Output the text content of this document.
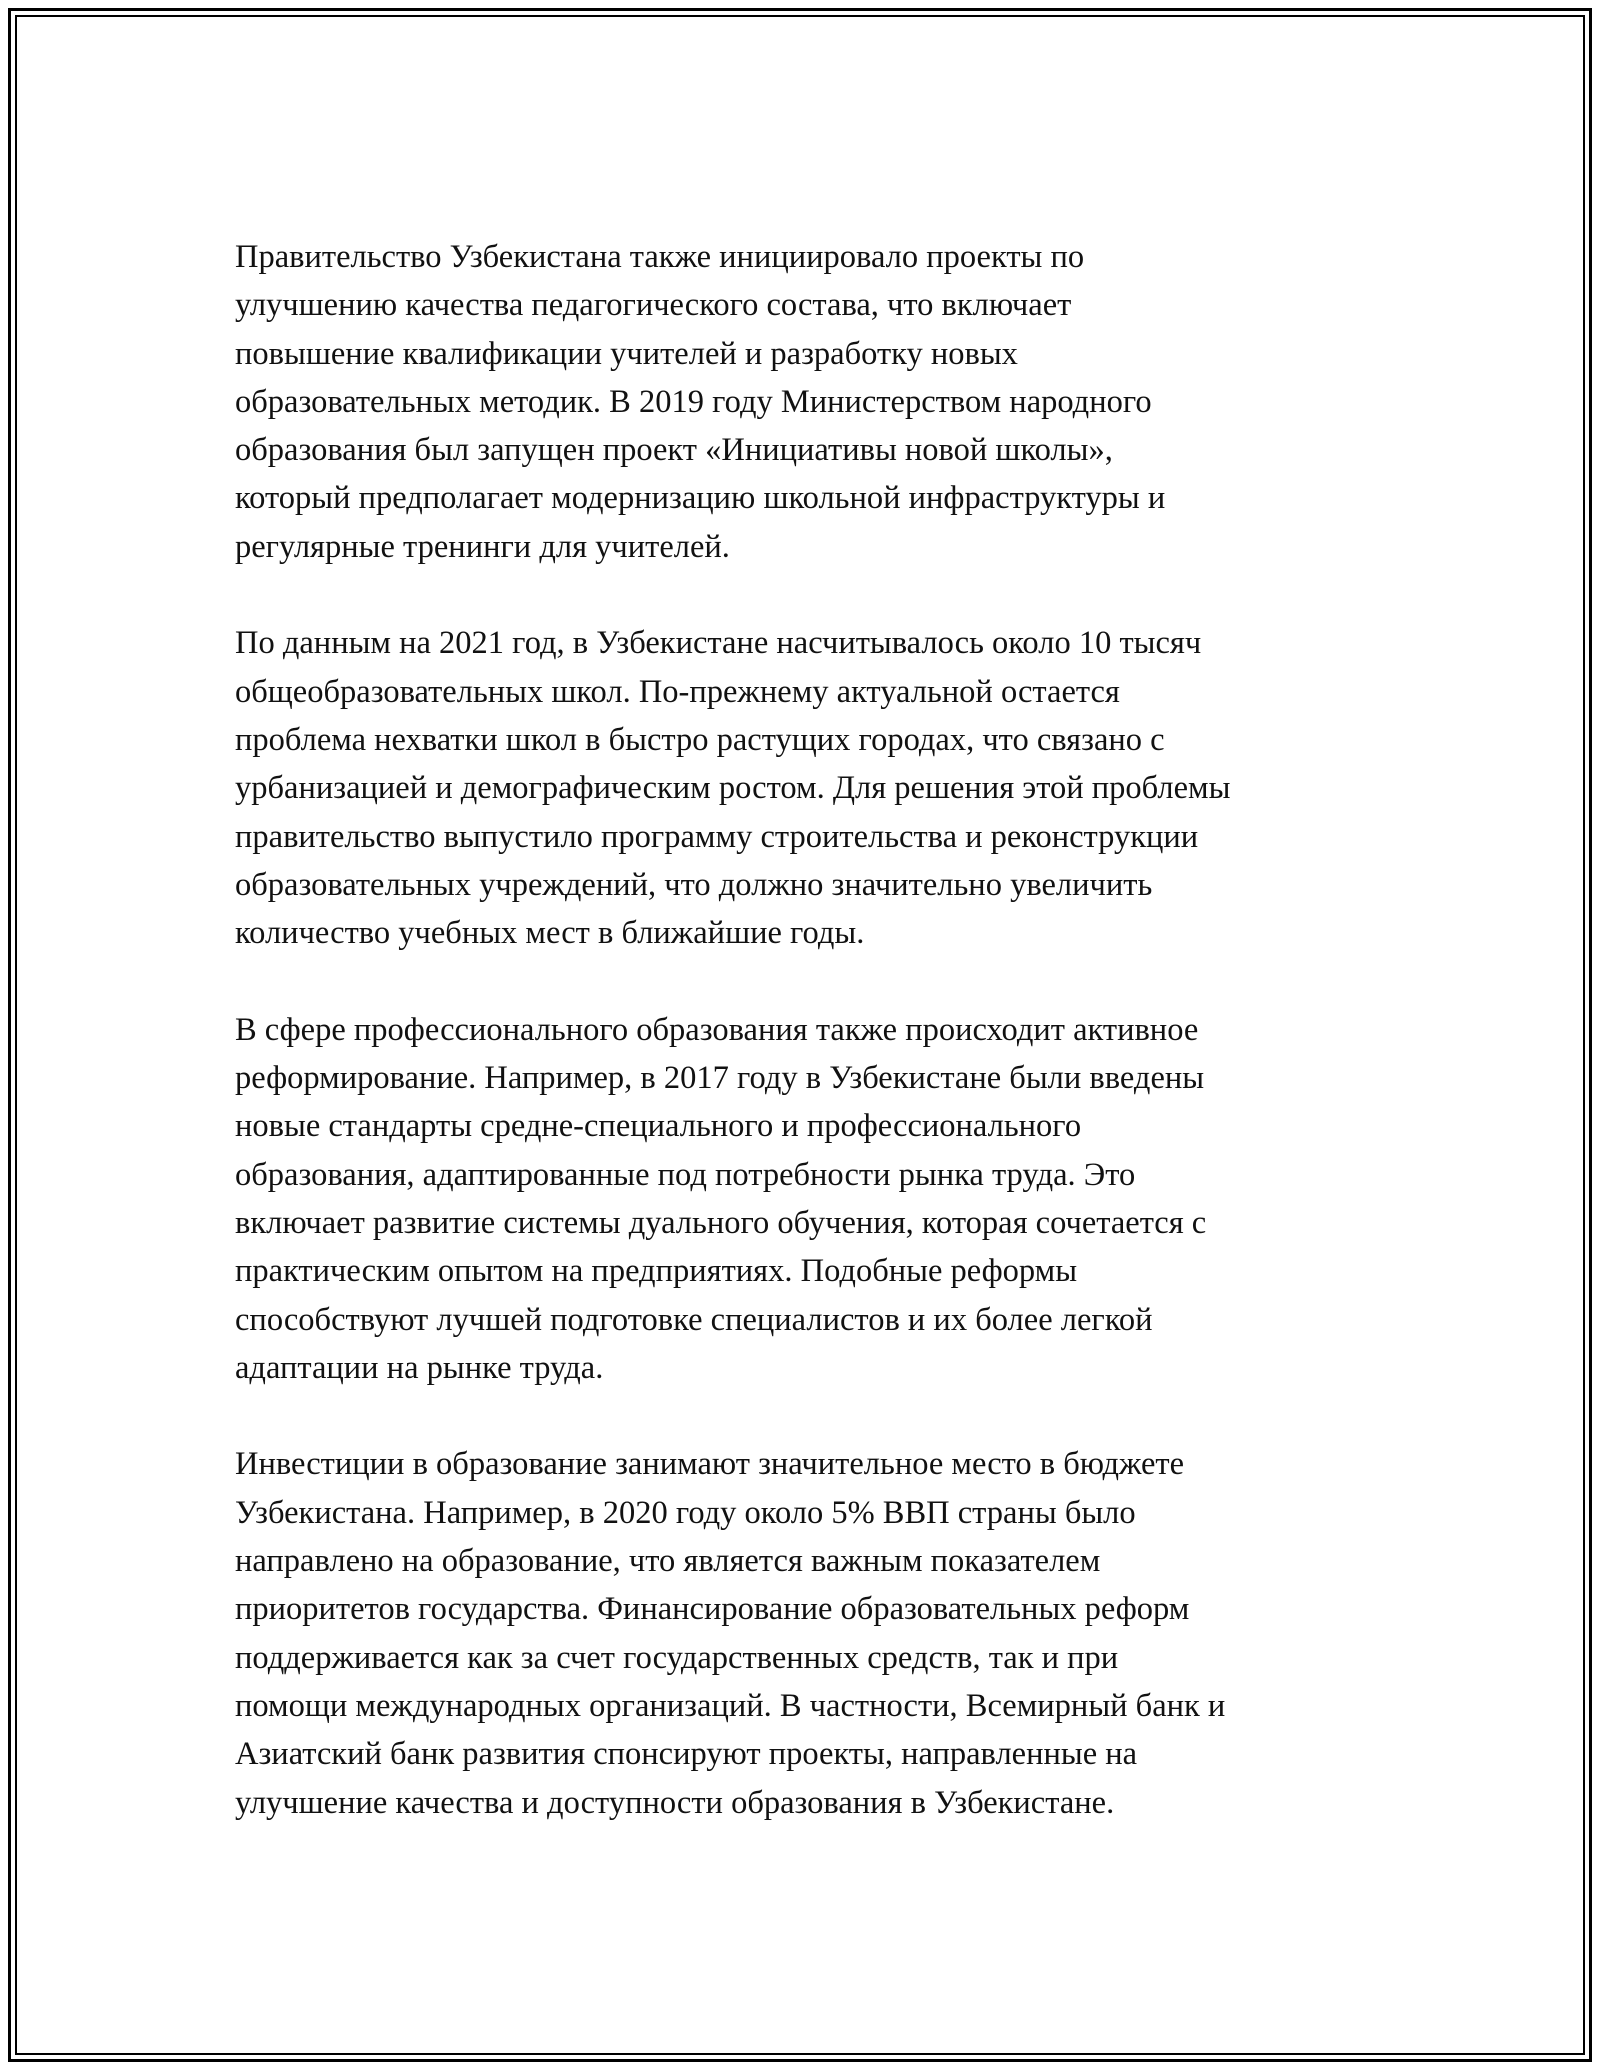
Правительство Узбекистана также инициировало проекты по
улучшению качества педагогического состава, что включает
повышение квалификации учителей и разработку новых
образовательных методик. В 2019 году Министерством народного
образования был запущен проект «Инициативы новой школы»,
который предполагает модернизацию школьной инфраструктуры и
регулярные тренинги для учителей.

По данным на 2021 год, в Узбекистане насчитывалось около 10 тысяч
общеобразовательных школ. По-прежнему актуальной остается
проблема нехватки школ в быстро растущих городах, что связано с
урбанизацией и демографическим ростом. Для решения этой проблемы
правительство выпустило программу строительства и реконструкции
образовательных учреждений, что должно значительно увеличить
количество учебных мест в ближайшие годы.

В сфере профессионального образования также происходит активное
реформирование. Например, в 2017 году в Узбекистане были введены
новые стандарты средне-специального и профессионального
образования, адаптированные под потребности рынка труда. Это
включает развитие системы дуального обучения, которая сочетается с
практическим опытом на предприятиях. Подобные реформы
способствуют лучшей подготовке специалистов и их более легкой
адаптации на рынке труда.

Инвестиции в образование занимают значительное место в бюджете
Узбекистана. Например, в 2020 году около 5% ВВП страны было
направлено на образование, что является важным показателем
приоритетов государства. Финансирование образовательных реформ
поддерживается как за счет государственных средств, так и при
помощи международных организаций. В частности, Всемирный банк и
Азиатский банк развития спонсируют проекты, направленные на
улучшение качества и доступности образования в Узбекистане.
